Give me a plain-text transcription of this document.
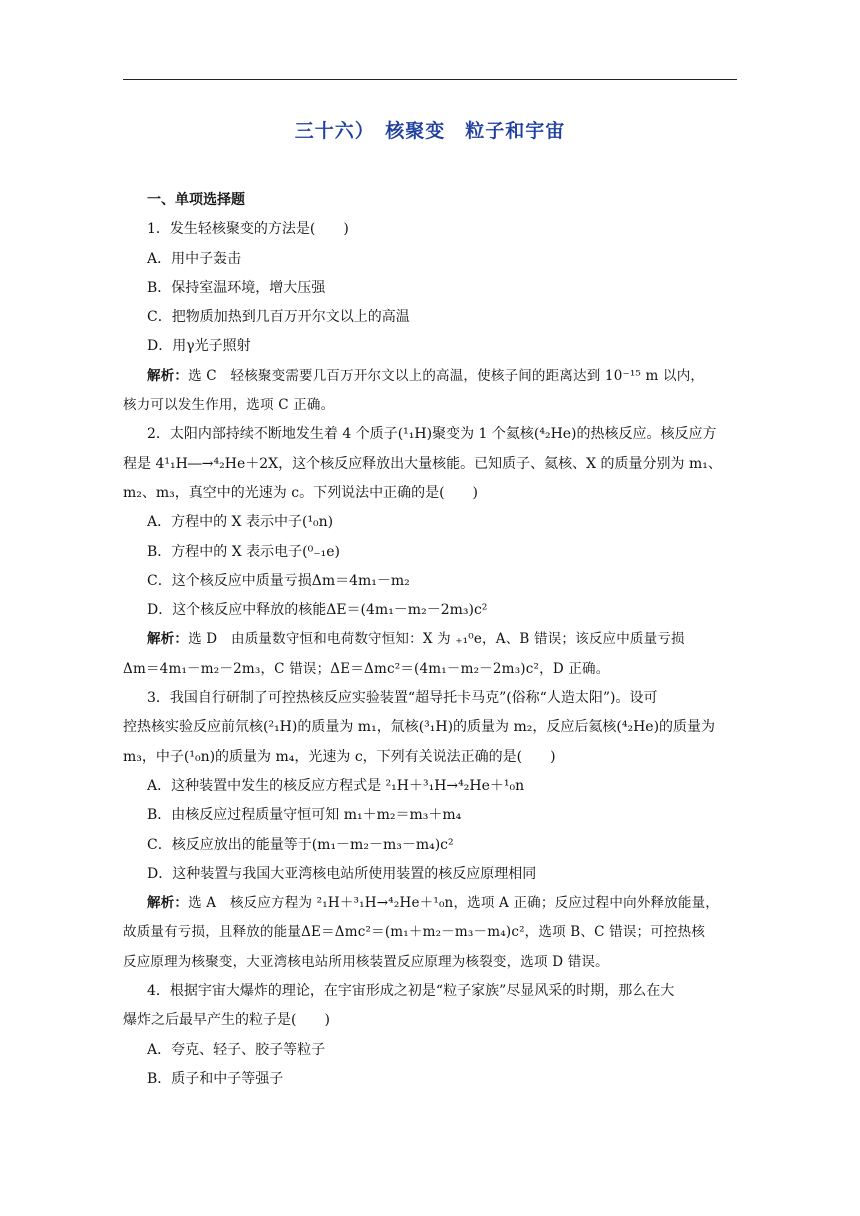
三十六）　核聚变　粒子和宇宙
一、单项选择题
1．发生轻核聚变的方法是(　　)
A．用中子轰击
B．保持室温环境，增大压强
C．把物质加热到几百万开尔文以上的高温
D．用γ光子照射
解析：选 C　轻核聚变需要几百万开尔文以上的高温，使核子间的距离达到 10⁻¹⁵ m 以内，
核力可以发生作用，选项 C 正确。
2．太阳内部持续不断地发生着 4 个质子(¹₁H)聚变为 1 个氦核(⁴₂He)的热核反应。核反应方
程是 4¹₁H―→⁴₂He＋2X，这个核反应释放出大量核能。已知质子、氦核、X 的质量分别为 m₁、
m₂、m₃，真空中的光速为 c。下列说法中正确的是(　　)
A．方程中的 X 表示中子(¹₀n)
B．方程中的 X 表示电子(⁰₋₁e)
C．这个核反应中质量亏损Δm＝4m₁－m₂
D．这个核反应中释放的核能ΔE＝(4m₁－m₂－2m₃)c²
解析：选 D　由质量数守恒和电荷数守恒知：X 为 ₊₁⁰e，A、B 错误；该反应中质量亏损
Δm＝4m₁－m₂－2m₃，C 错误；ΔE＝Δmc²＝(4m₁－m₂－2m₃)c²，D 正确。
3．我国自行研制了可控热核反应实验装置“超导托卡马克”(俗称“人造太阳”)。设可
控热核实验反应前氘核(²₁H)的质量为 m₁，氚核(³₁H)的质量为 m₂，反应后氦核(⁴₂He)的质量为
m₃，中子(¹₀n)的质量为 m₄，光速为 c，下列有关说法正确的是(　　)
A．这种装置中发生的核反应方程式是 ²₁H＋³₁H→⁴₂He＋¹₀n
B．由核反应过程质量守恒可知 m₁＋m₂＝m₃＋m₄
C．核反应放出的能量等于(m₁－m₂－m₃－m₄)c²
D．这种装置与我国大亚湾核电站所使用装置的核反应原理相同
解析：选 A　核反应方程为 ²₁H＋³₁H→⁴₂He＋¹₀n，选项 A 正确；反应过程中向外释放能量，
故质量有亏损，且释放的能量ΔE＝Δmc²＝(m₁＋m₂－m₃－m₄)c²，选项 B、C 错误；可控热核
反应原理为核聚变，大亚湾核电站所用核装置反应原理为核裂变，选项 D 错误。
4．根据宇宙大爆炸的理论，在宇宙形成之初是“粒子家族”尽显风采的时期，那么在大
爆炸之后最早产生的粒子是(　　)
A．夸克、轻子、胶子等粒子
B．质子和中子等强子
